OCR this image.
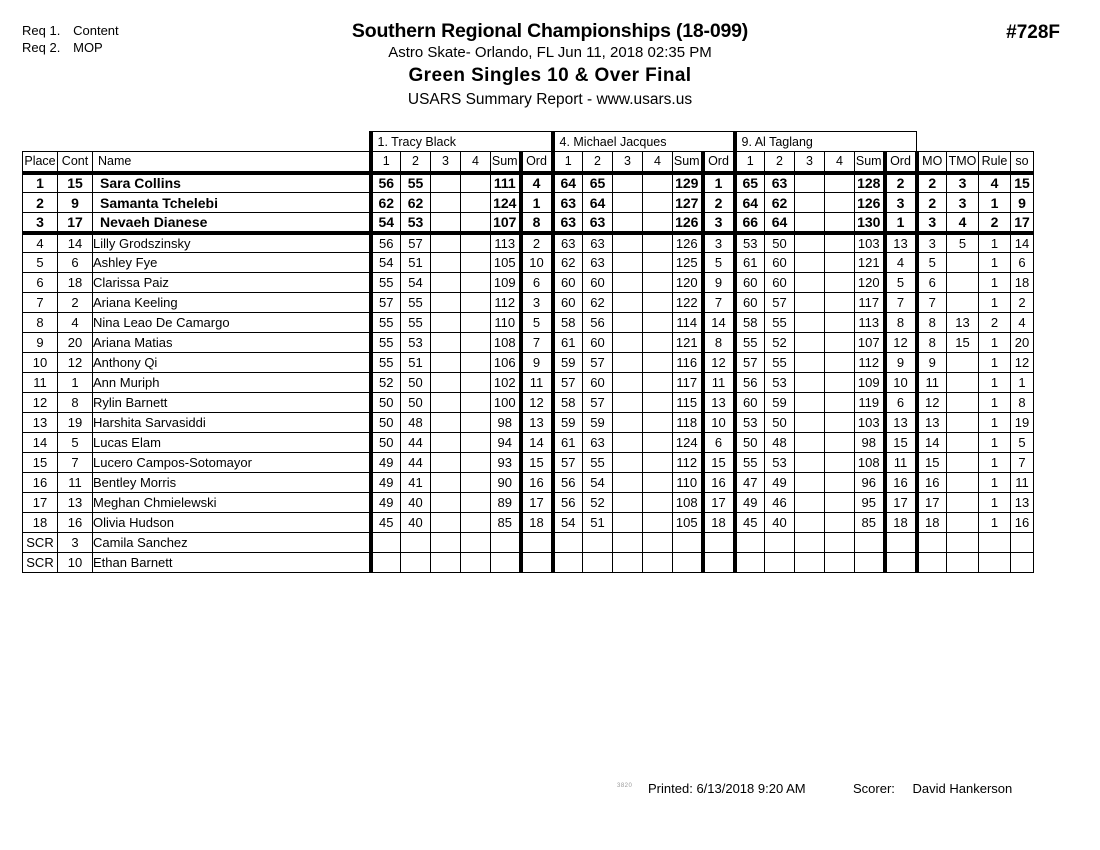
Req 1. Content
Req 2. MOP
Southern Regional Championships (18-099)
Astro Skate- Orlando, FL Jun 11, 2018 02:35 PM
Green Singles 10 & Over Final
USARS Summary Report - www.usars.us
#728F
			1. Tracy Black						4. Michael Jacques						9. Al Taglang									
Place	Cont	Name	1	2	3	4	Sum	Ord	1	2	3	4	Sum	Ord	1	2	3	4	Sum	Ord	MO	TMO	Rule	so
1	15	Sara Collins	56	55			111	4	64	65			129	1	65	63			128	2	2	3	4	15
2	9	Samanta Tchelebi	62	62			124	1	63	64			127	2	64	62			126	3	2	3	1	9
3	17	Nevaeh Dianese	54	53			107	8	63	63			126	3	66	64			130	1	3	4	2	17
4	14	Lilly Grodszinsky	56	57			113	2	63	63			126	3	53	50			103	13	3	5	1	14
5	6	Ashley Fye	54	51			105	10	62	63			125	5	61	60			121	4	5		1	6
6	18	Clarissa Paiz	55	54			109	6	60	60			120	9	60	60			120	5	6		1	18
7	2	Ariana Keeling	57	55			112	3	60	62			122	7	60	57			117	7	7		1	2
8	4	Nina Leao De Camargo	55	55			110	5	58	56			114	14	58	55			113	8	8	13	2	4
9	20	Ariana Matias	55	53			108	7	61	60			121	8	55	52			107	12	8	15	1	20
10	12	Anthony Qi	55	51			106	9	59	57			116	12	57	55			112	9	9		1	12
11	1	Ann Muriph	52	50			102	11	57	60			117	11	56	53			109	10	11		1	1
12	8	Rylin Barnett	50	50			100	12	58	57			115	13	60	59			119	6	12		1	8
13	19	Harshita Sarvasiddi	50	48			98	13	59	59			118	10	53	50			103	13	13		1	19
14	5	Lucas Elam	50	44			94	14	61	63			124	6	50	48			98	15	14		1	5
15	7	Lucero Campos-Sotomayor	49	44			93	15	57	55			112	15	55	53			108	11	15		1	7
16	11	Bentley Morris	49	41			90	16	56	54			110	16	47	49			96	16	16		1	11
17	13	Meghan Chmielewski	49	40			89	17	56	52			108	17	49	46			95	17	17		1	13
18	16	Olivia Hudson	45	40			85	18	54	51			105	18	45	40			85	18	18		1	16
SCR	3	Camila Sanchez																						
SCR	10	Ethan Barnett																						
3820 Printed: 6/13/2018 9:20 AM	Scorer: David Hankerson
